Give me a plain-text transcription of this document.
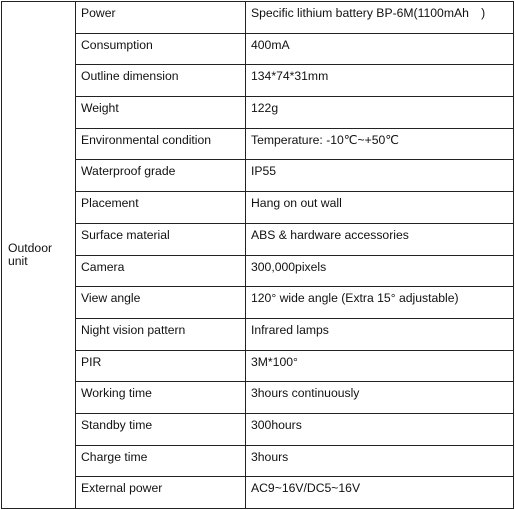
Outdoor unit	Power	Specific lithium battery BP-6M(1100mAh　)
	Consumption	400mA
	Outline dimension	134*74*31mm
	Weight	122g
	Environmental condition	Temperature: -10℃~+50℃
	Waterproof grade	IP55
	Placement	Hang on out wall
	Surface material	ABS & hardware accessories
	Camera	300,000pixels
	View angle	120° wide angle (Extra 15° adjustable)
	Night vision pattern	Infrared lamps
	PIR	3M*100°
	Working time	3hours continuously
	Standby time	300hours
	Charge time	3hours
	External power	AC9~16V/DC5~16V
